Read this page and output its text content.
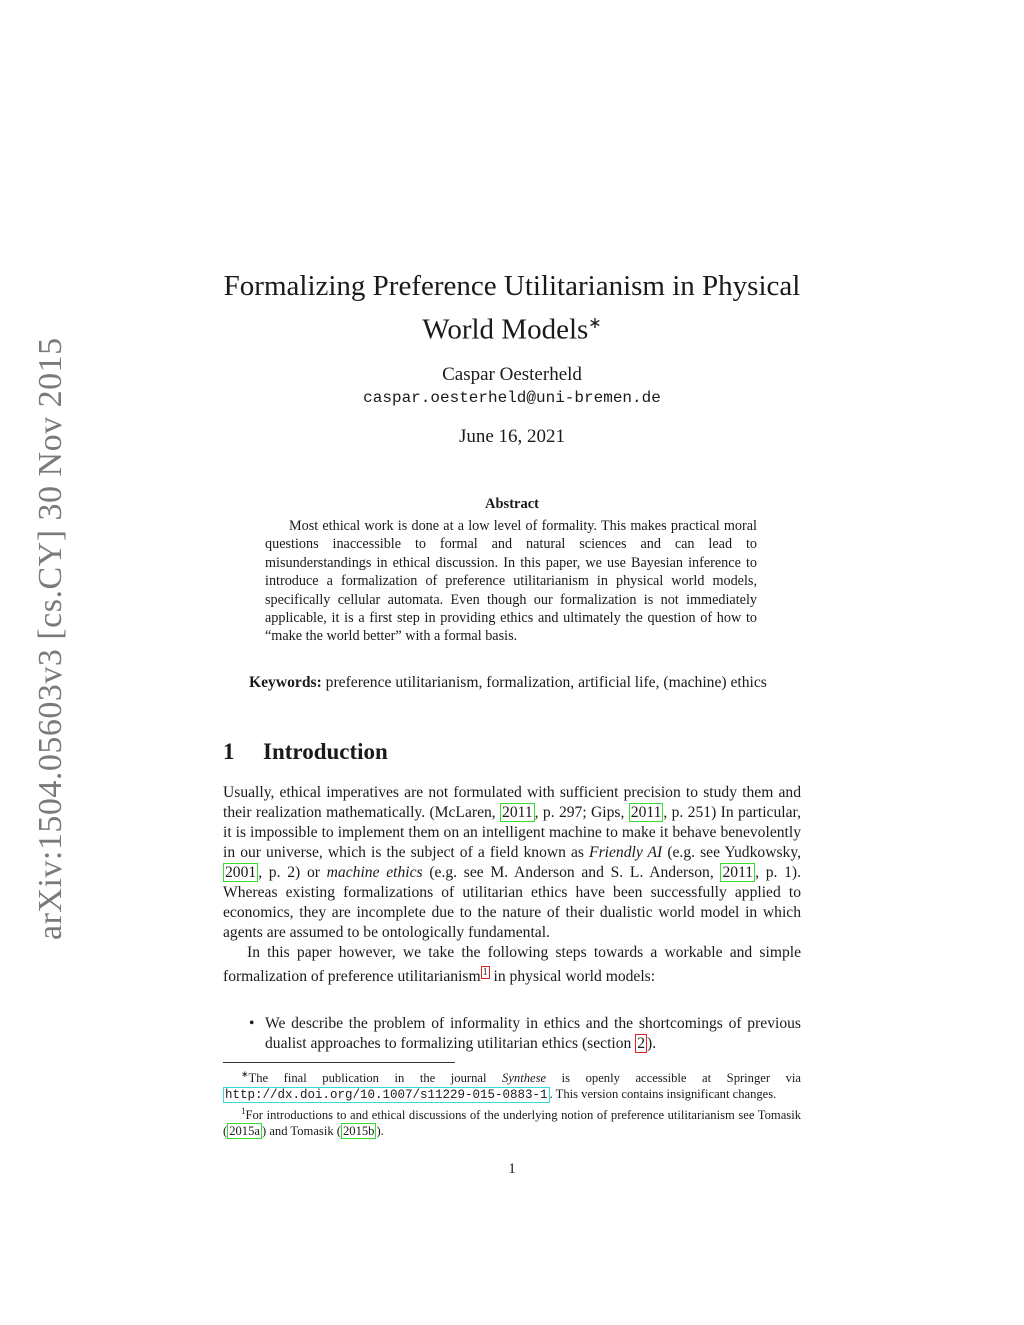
arXiv:1504.05603v3 [cs.CY] 30 Nov 2015
Formalizing Preference Utilitarianism in Physical
World Models∗
Caspar Oesterheld
caspar.oesterheld@uni-bremen.de
June 16, 2021
Abstract
Most ethical work is done at a low level of formality. This makes practical moral questions inaccessible to formal and natural sciences and can lead to misunderstandings in ethical discussion. In this paper, we use Bayesian inference to introduce a formalization of preference utilitarianism in physical world models, specifically cellular automata. Even though our formalization is not immediately applicable, it is a first step in providing ethics and ultimately the question of how to “make the world better” with a formal basis.
Keywords: preference utilitarianism, formalization, artificial life, (machine) ethics
1 Introduction

Usually, ethical imperatives are not formulated with sufficient precision to study them and their realization mathematically. (McLaren, 2011 , p. 297; Gips, 2011 , p. 251) In particular, it is impossible to implement them on an intelligent machine to make it behave benevolently in our universe, which is the subject of a field known as Friendly AI (e.g. see Yudkowsky, 2001 , p. 2) or machine ethics (e.g. see M. Anderson and S. L. Anderson, 2011 , p. 1). Whereas existing formalizations of utilitarian ethics have been successfully applied to economics, they are incomplete due to the nature of their dualistic world model in which agents are assumed to be ontologically fundamental.

In this paper however, we take the following steps towards a workable and simple formalization of preference utilitarianism $^1$ in physical world models:

• We describe the problem of informality in ethics and the shortcomings of previous dualist approaches to formalizing utilitarian ethics (section 2 ).

∗The final publication in the journal Synthese is openly accessible at Springer via http://dx.doi.org/10.1007/s11229-015-0883-1 . This version contains insignificant changes.

$^1$For introductions to and ethical discussions of the underlying notion of preference utilitarianism see Tomasik ( 2015a ) and Tomasik ( 2015b ).

1
